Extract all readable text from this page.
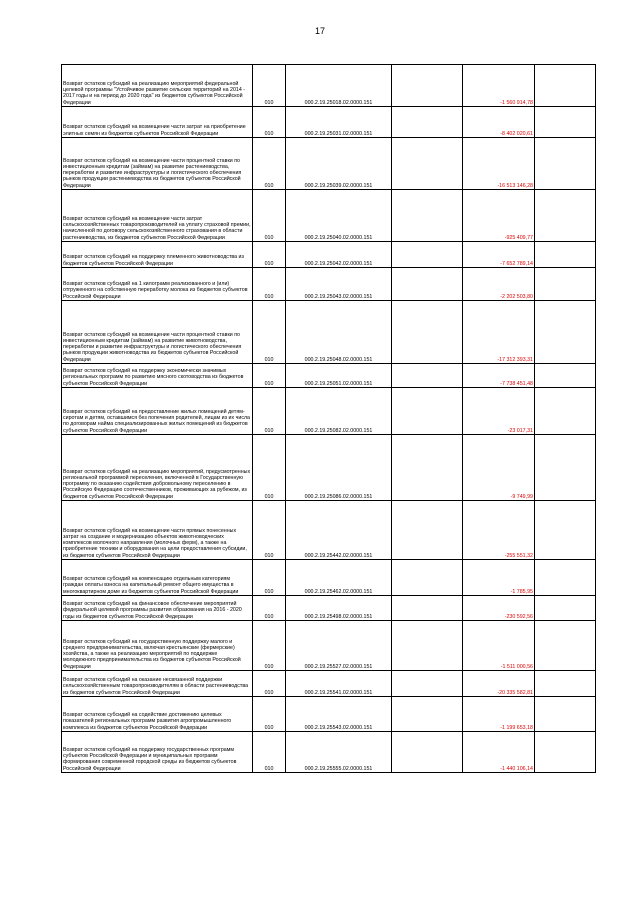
17
Возврат остатков субсидий на реализацию мероприятий федеральной целевой программы "Устойчивое развитие сельских территорий на 2014 - 2017 годы и на период до 2020 года" из бюджетов субъектов Российской Федерации	010	000.2.19.25018.02.0000.151		-1 560 914,78	
Возврат остатков субсидий на возмещение части затрат на приобретение элитных семян из бюджетов субъектов Российской Федерации	010	000.2.19.25031.02.0000.151		-8 402 020,61	
Возврат остатков субсидий на возмещение части процентной ставки по инвестиционным кредитам (займам) на развитие растениеводства, переработки и развитие инфраструктуры и логистического обеспечения рынков продукции растениеводства из бюджетов субъектов Российской Федерации	010	000.2.19.25039.02.0000.151		-16 513 146,28	
Возврат остатков субсидий на возмещение части затрат сельскохозяйственных товаропроизводителей на уплату страховой премии, начисленной по договору сельскохозяйственного страхования в области растениеводства, из бюджетов субъектов Российской Федерации	010	000.2.19.25040.02.0000.151		-925 409,77	
Возврат остатков субсидий на поддержку племенного животноводства из бюджетов субъектов Российской Федерации	010	000.2.19.25042.02.0000.151		-7 652 789,14	
Возврат остатков субсидий на 1 килограмм реализованного и (или) отгруженного на собственную переработку молока из бюджетов субъектов Российской Федерации	010	000.2.19.25043.02.0000.151		-2 202 503,80	
Возврат остатков субсидий на возмещение части процентной ставки по инвестиционным кредитам (займам) на развитие животноводства, переработки и развитие инфраструктуры и логистического обеспечения рынков продукции животноводства из бюджетов субъектов Российской Федерации	010	000.2.19.25048.02.0000.151		-17 312 393,31	
Возврат остатков субсидий на поддержку экономически значимых региональных программ по развитию мясного скотоводства из бюджетов субъектов Российской Федерации	010	000.2.19.25051.02.0000.151		-7 738 451,48	
Возврат остатков субсидий на предоставление жилых помещений детям-сиротам и детям, оставшимся без попечения родителей, лицам из их числа по договорам найма специализированных жилых помещений из бюджетов субъектов Российской Федерации	010	000.2.19.25082.02.0000.151		-23 017,31	
Возврат остатков субсидий на реализацию мероприятий, предусмотренных региональной программой переселения, включенной в Государственную программу по оказанию содействия добровольному переселению в Российскую Федерацию соотечественников, проживающих за рубежом, из бюджетов субъектов Российской Федерации	010	000.2.19.25086.02.0000.151		-9 749,99	
Возврат остатков субсидий на возмещение части прямых понесенных затрат на создание и модернизацию объектов животноводческих комплексов молочного направления (молочных ферм), а также на приобретение техники и оборудования на цели предоставления субсидии, из бюджетов субъектов Российской Федерации	010	000.2.19.25442.02.0000.151		-255 551,32	
Возврат остатков субсидий на компенсацию отдельным категориям граждан оплаты взноса на капитальный ремонт общего имущества в многоквартирном доме из бюджетов субъектов Российской Федерации	010	000.2.19.25462.02.0000.151		-1 785,95	
Возврат остатков субсидий на финансовое обеспечение мероприятий федеральной целевой программы развития образования на 2016 - 2020 годы из бюджетов субъектов Российской Федерации	010	000.2.19.25498.02.0000.151		-230 592,56	
Возврат остатков субсидий на государственную поддержку малого и среднего предпринимательства, включая крестьянские (фермерские) хозяйства, а также на реализацию мероприятий по поддержке молодежного предпринимательства из бюджетов субъектов Российской Федерации	010	000.2.19.25527.02.0000.151		-1 511 000,56	
Возврат остатков субсидий на оказание несвязанной поддержки сельскохозяйственным товаропроизводителям в области растениеводства из бюджетов субъектов Российской Федерации	010	000.2.19.25541.02.0000.151		-20 335 582,81	
Возврат остатков субсидий на содействие достижению целевых показателей региональных программ развития агропромышленного комплекса из бюджетов субъектов Российской Федерации	010	000.2.19.25543.02.0000.151		-1 199 653,18	
Возврат остатков субсидий на поддержку государственных программ субъектов Российской Федерации и муниципальных программ формирования современной городской среды из бюджетов субъектов Российской Федерации	010	000.2.19.25555.02.0000.151		-1 440 106,14	
